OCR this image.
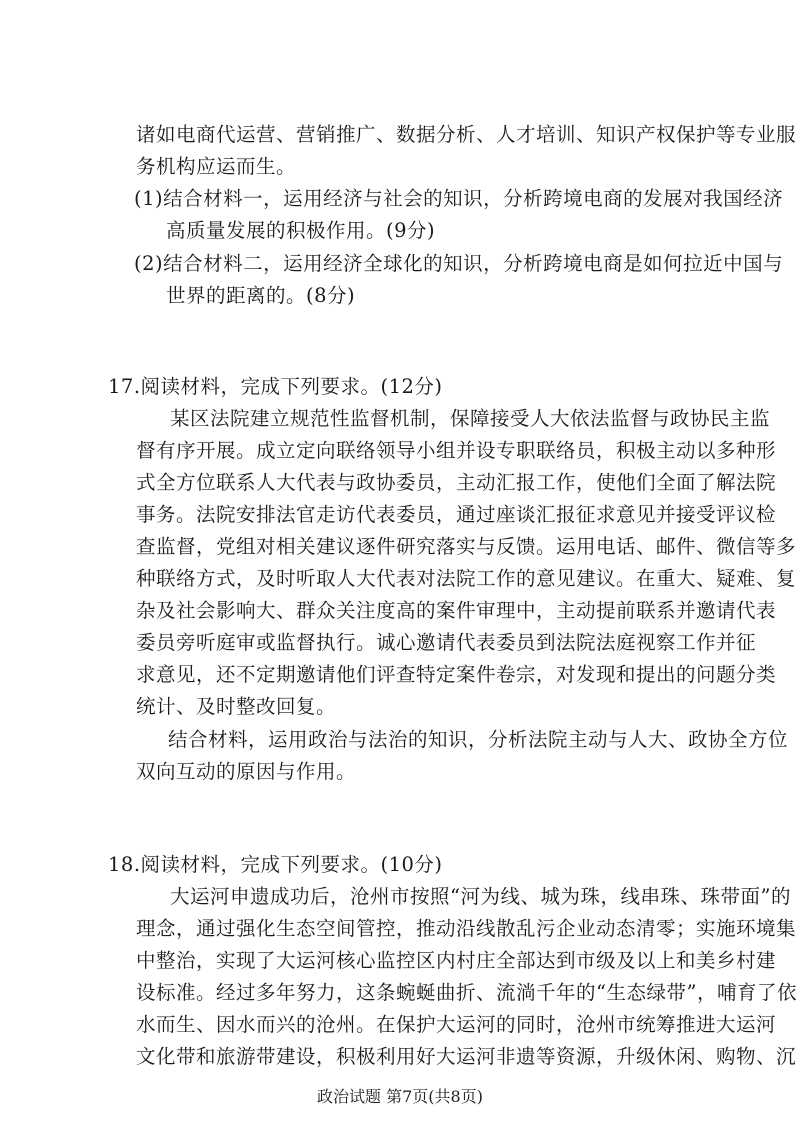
诸如电商代运营、营销推广、数据分析、人才培训、知识产权保护等专业服
务机构应运而生。
(1)结合材料一，运用经济与社会的知识，分析跨境电商的发展对我国经济
高质量发展的积极作用。(9分)
(2)结合材料二，运用经济全球化的知识，分析跨境电商是如何拉近中国与
世界的距离的。(8分)
17.阅读材料，完成下列要求。(12分)
某区法院建立规范性监督机制，保障接受人大依法监督与政协民主监
督有序开展。成立定向联络领导小组并设专职联络员，积极主动以多种形
式全方位联系人大代表与政协委员，主动汇报工作，使他们全面了解法院
事务。法院安排法官走访代表委员，通过座谈汇报征求意见并接受评议检
查监督，党组对相关建议逐件研究落实与反馈。运用电话、邮件、微信等多
种联络方式，及时听取人大代表对法院工作的意见建议。在重大、疑难、复
杂及社会影响大、群众关注度高的案件审理中，主动提前联系并邀请代表
委员旁听庭审或监督执行。诚心邀请代表委员到法院法庭视察工作并征
求意见，还不定期邀请他们评查特定案件卷宗，对发现和提出的问题分类
统计、及时整改回复。
结合材料，运用政治与法治的知识，分析法院主动与人大、政协全方位
双向互动的原因与作用。
18.阅读材料，完成下列要求。(10分)
大运河申遗成功后，沧州市按照“河为线、城为珠，线串珠、珠带面”的
理念，通过强化生态空间管控，推动沿线散乱污企业动态清零；实施环境集
中整治，实现了大运河核心监控区内村庄全部达到市级及以上和美乡村建
设标准。经过多年努力，这条蜿蜒曲折、流淌千年的“生态绿带”，哺育了依
水而生、因水而兴的沧州。在保护大运河的同时，沧州市统筹推进大运河
文化带和旅游带建设，积极利用好大运河非遗等资源，升级休闲、购物、沉
政治试题 第7页(共8页)
